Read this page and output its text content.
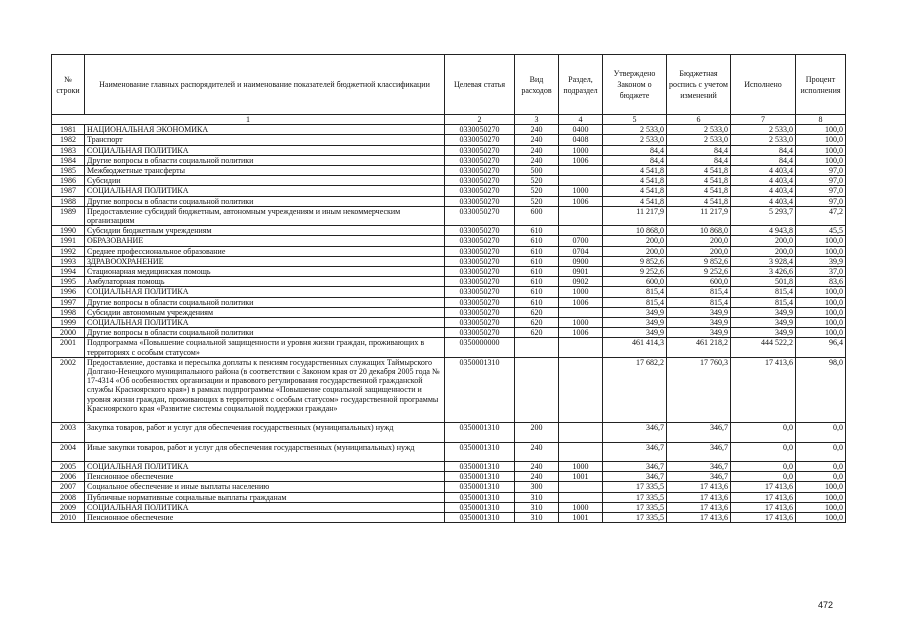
№ строки	Наименование главных распорядителей и наименование показателей бюджетной классификации	Целевая статья	Вид расходов	Раздел, подраздел	Утверждено Законом о бюджете	Бюджетная роспись с учетом изменений	Исполнено	Процент исполнения
1		2	3	4	5	6	7	8
1981	НАЦИОНАЛЬНАЯ ЭКОНОМИКА	0330050270	240	0400	2 533,0	2 533,0	2 533,0	100,0
1982	Транспорт	0330050270	240	0408	2 533,0	2 533,0	2 533,0	100,0
1983	СОЦИАЛЬНАЯ ПОЛИТИКА	0330050270	240	1000	84,4	84,4	84,4	100,0
1984	Другие вопросы в области социальной политики	0330050270	240	1006	84,4	84,4	84,4	100,0
1985	Межбюджетные трансферты	0330050270	500		4 541,8	4 541,8	4 403,4	97,0
1986	Субсидии	0330050270	520		4 541,8	4 541,8	4 403,4	97,0
1987	СОЦИАЛЬНАЯ ПОЛИТИКА	0330050270	520	1000	4 541,8	4 541,8	4 403,4	97,0
1988	Другие вопросы в области социальной политики	0330050270	520	1006	4 541,8	4 541,8	4 403,4	97,0
1989	Предоставление субсидий бюджетным, автономным учреждениям и иным некоммерческим организациям	0330050270	600		11 217,9	11 217,9	5 293,7	47,2
1990	Субсидии бюджетным учреждениям	0330050270	610		10 868,0	10 868,0	4 943,8	45,5
1991	ОБРАЗОВАНИЕ	0330050270	610	0700	200,0	200,0	200,0	100,0
1992	Среднее профессиональное образование	0330050270	610	0704	200,0	200,0	200,0	100,0
1993	ЗДРАВООХРАНЕНИЕ	0330050270	610	0900	9 852,6	9 852,6	3 928,4	39,9
1994	Стационарная медицинская помощь	0330050270	610	0901	9 252,6	9 252,6	3 426,6	37,0
1995	Амбулаторная помощь	0330050270	610	0902	600,0	600,0	501,8	83,6
1996	СОЦИАЛЬНАЯ ПОЛИТИКА	0330050270	610	1000	815,4	815,4	815,4	100,0
1997	Другие вопросы в области социальной политики	0330050270	610	1006	815,4	815,4	815,4	100,0
1998	Субсидии автономным учреждениям	0330050270	620		349,9	349,9	349,9	100,0
1999	СОЦИАЛЬНАЯ ПОЛИТИКА	0330050270	620	1000	349,9	349,9	349,9	100,0
2000	Другие вопросы в области социальной политики	0330050270	620	1006	349,9	349,9	349,9	100,0
2001	Подпрограмма «Повышение социальной защищенности и уровня жизни граждан, проживающих в территориях с особым статусом»	0350000000			461 414,3	461 218,2	444 522,2	96,4
2002	Предоставление, доставка и пересылка доплаты к пенсиям государственных служащих Таймырского Долгано-Ненецкого муниципального района (в соответствии с Законом края от 20 декабря 2005 года № 17-4314 «Об особенностях организации и правового регулирования государственной гражданской службы Красноярского края») в рамках подпрограммы «Повышение социальной защищенности и уровня жизни граждан, проживающих в территориях с особым статусом» государственной программы Красноярского края «Развитие системы социальной поддержки граждан»	0350001310			17 682,2	17 760,3	17 413,6	98,0
2003	Закупка товаров, работ и услуг для обеспечения государственных (муниципальных) нужд	0350001310	200		346,7	346,7	0,0	0,0
2004	Иные закупки товаров, работ и услуг для обеспечения государственных (муниципальных) нужд	0350001310	240		346,7	346,7	0,0	0,0
2005	СОЦИАЛЬНАЯ ПОЛИТИКА	0350001310	240	1000	346,7	346,7	0,0	0,0
2006	Пенсионное обеспечение	0350001310	240	1001	346,7	346,7	0,0	0,0
2007	Социальное обеспечение и иные выплаты населению	0350001310	300		17 335,5	17 413,6	17 413,6	100,0
2008	Публичные нормативные социальные выплаты гражданам	0350001310	310		17 335,5	17 413,6	17 413,6	100,0
2009	СОЦИАЛЬНАЯ ПОЛИТИКА	0350001310	310	1000	17 335,5	17 413,6	17 413,6	100,0
2010	Пенсионное обеспечение	0350001310	310	1001	17 335,5	17 413,6	17 413,6	100,0
472
